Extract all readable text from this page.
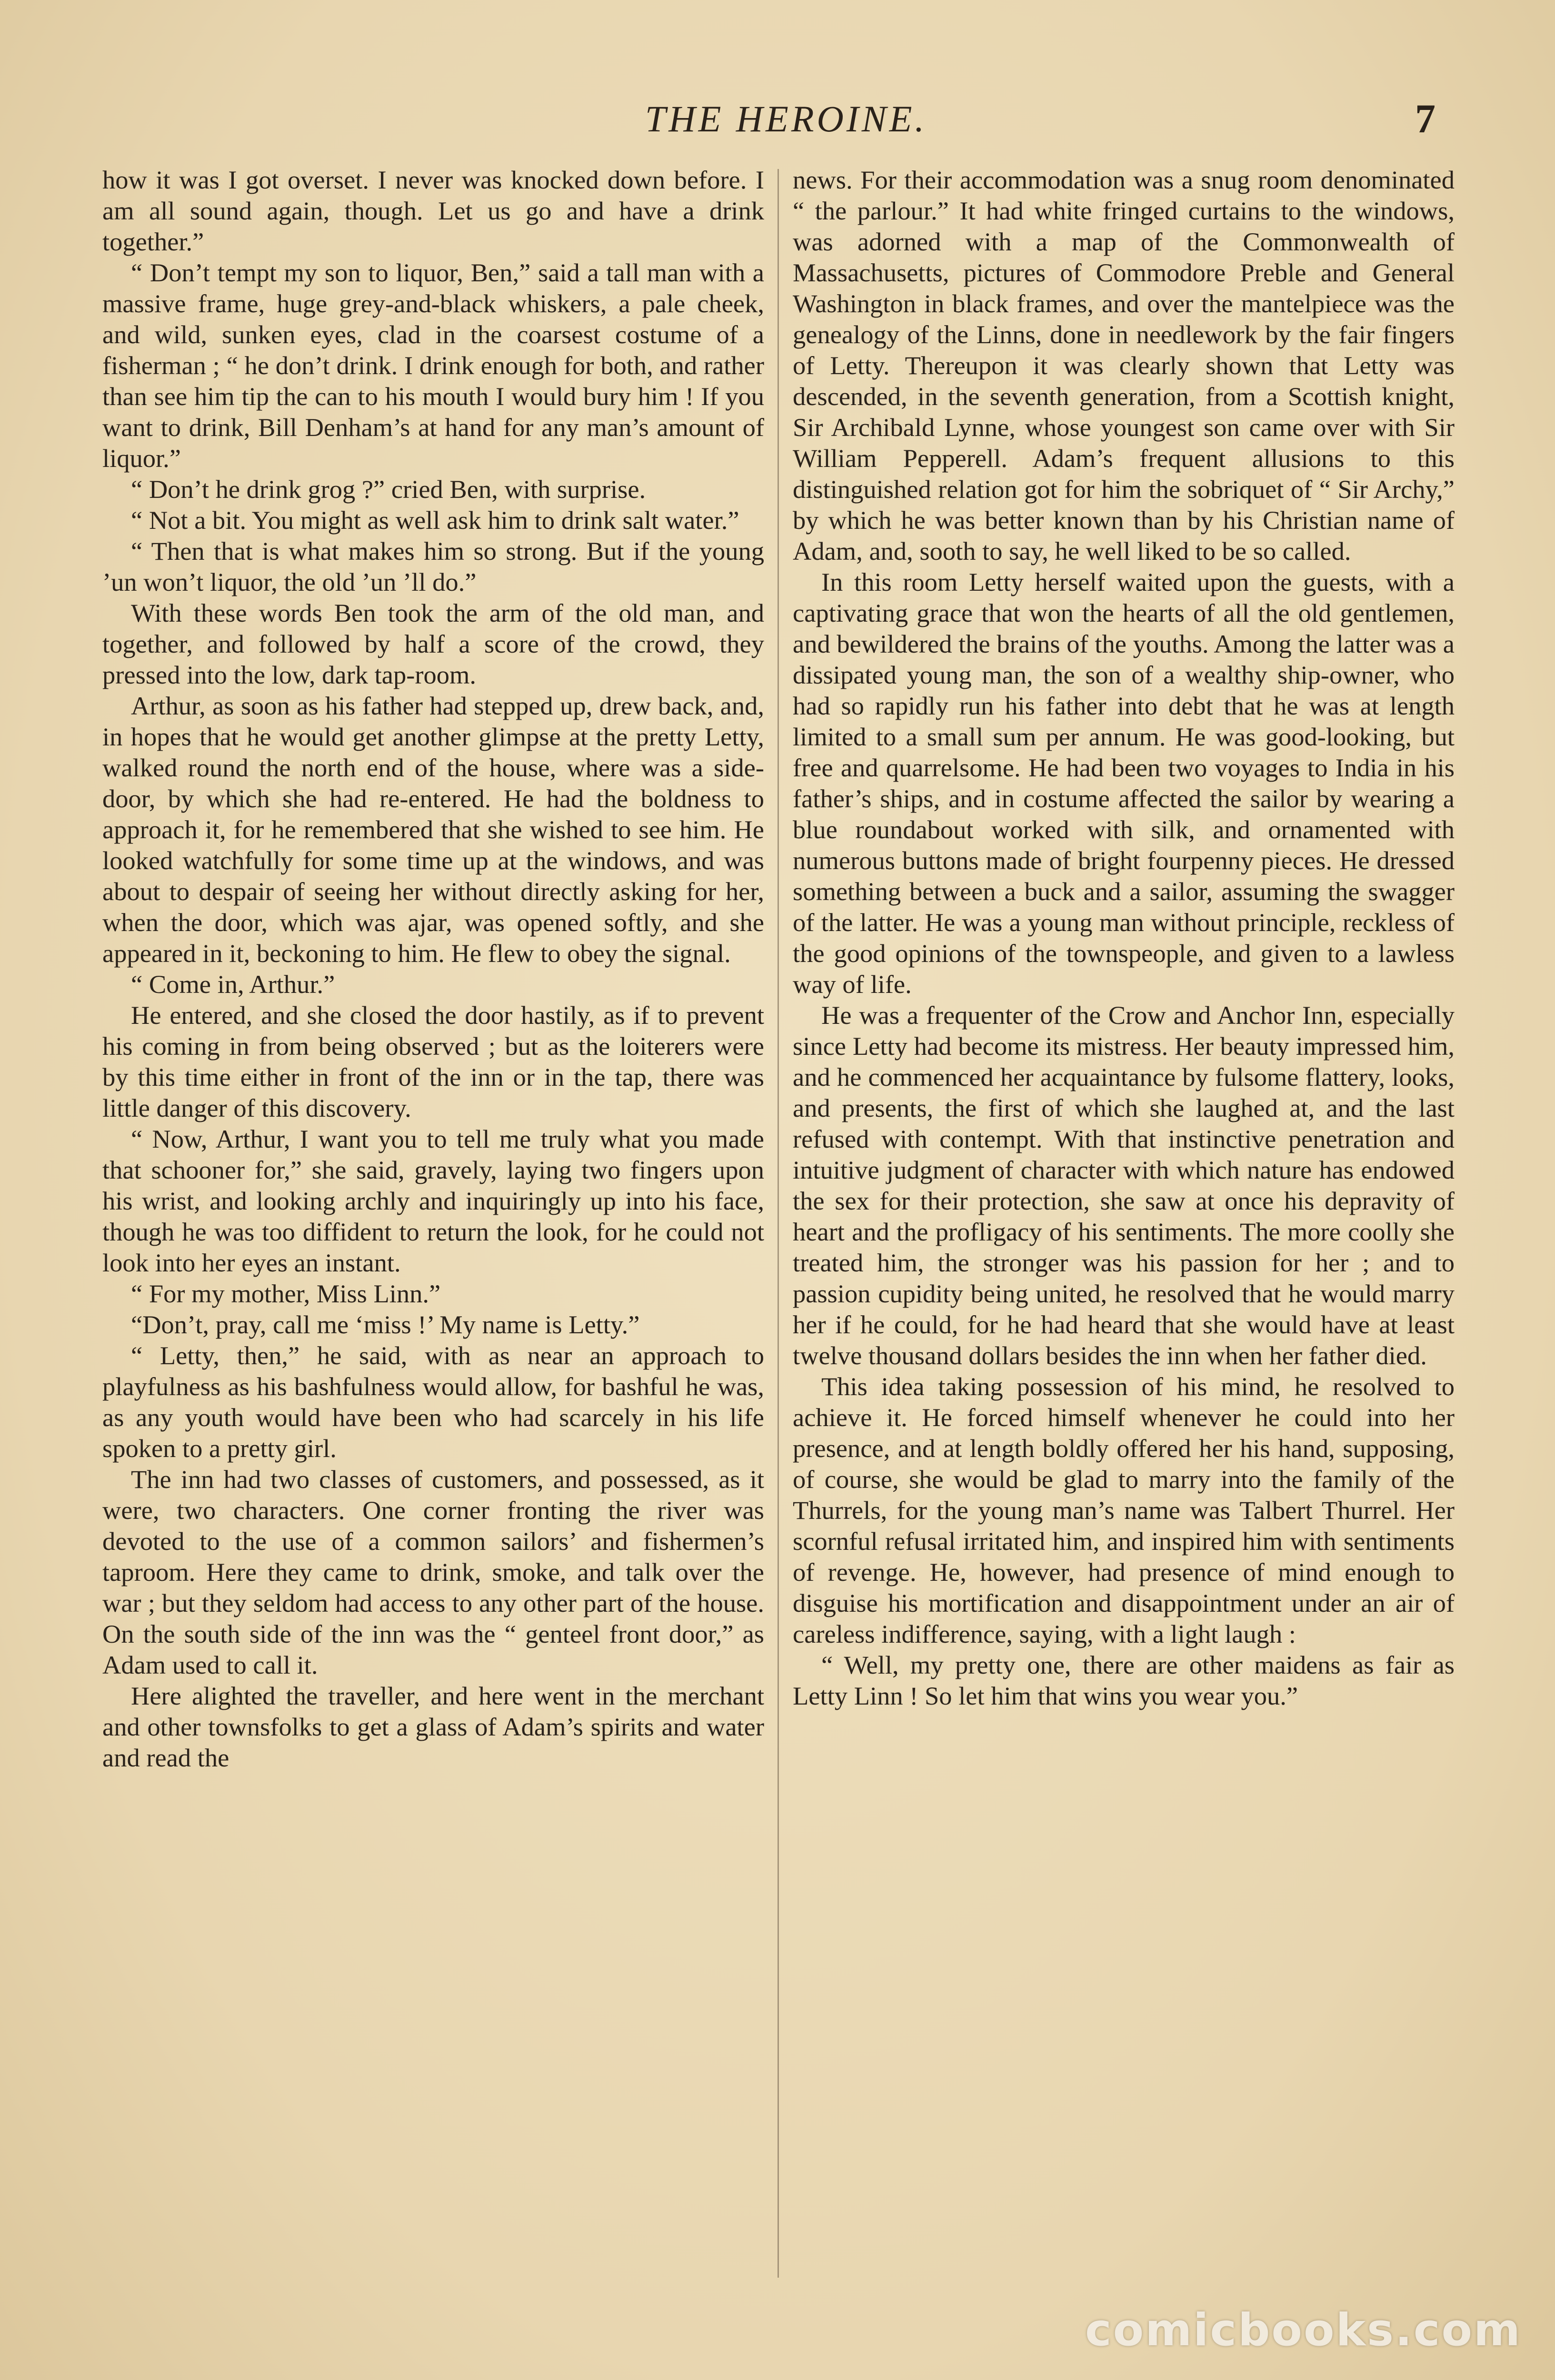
THE HEROINE.	7

how it was I got overset. I never was knocked down before. I am all sound again, though. Let us go and have a drink together.”

“ Don’t tempt my son to liquor, Ben,” said a tall man with a massive frame, huge grey-and-black whiskers, a pale cheek, and wild, sunken eyes, clad in the coarsest costume of a fisherman ; “ he don’t drink. I drink enough for both, and rather than see him tip the can to his mouth I would bury him ! If you want to drink, Bill Denham’s at hand for any man’s amount of liquor.”

“ Don’t he drink grog ?” cried Ben, with surprise.

“ Not a bit. You might as well ask him to drink salt water.”

“ Then that is what makes him so strong. But if the young ’un won’t liquor, the old ’un ’ll do.”

With these words Ben took the arm of the old man, and together, and followed by half a score of the crowd, they pressed into the low, dark tap-room.

Arthur, as soon as his father had stepped up, drew back, and, in hopes that he would get another glimpse at the pretty Letty, walked round the north end of the house, where was a side-door, by which she had re-entered. He had the boldness to approach it, for he remembered that she wished to see him. He looked watchfully for some time up at the windows, and was about to despair of seeing her without directly asking for her, when the door, which was ajar, was opened softly, and she appeared in it, beckoning to him. He flew to obey the signal.

“ Come in, Arthur.”

He entered, and she closed the door hastily, as if to prevent his coming in from being observed ; but as the loiterers were by this time either in front of the inn or in the tap, there was little danger of this discovery.

“ Now, Arthur, I want you to tell me truly what you made that schooner for,” she said, gravely, laying two fingers upon his wrist, and looking archly and inquiringly up into his face, though he was too diffident to return the look, for he could not look into her eyes an instant.

“ For my mother, Miss Linn.”

“Don’t, pray, call me ‘miss !’ My name is Letty.”

“ Letty, then,” he said, with as near an approach to playfulness as his bashfulness would allow, for bashful he was, as any youth would have been who had scarcely in his life spoken to a pretty girl.

The inn had two classes of customers, and possessed, as it were, two characters. One corner fronting the river was devoted to the use of a common sailors’ and fishermen’s taproom. Here they came to drink, smoke, and talk over the war ; but they seldom had access to any other part of the house. On the south side of the inn was the “ genteel front door,” as Adam used to call it.

Here alighted the traveller, and here went in the merchant and other townsfolks to get a glass of Adam’s spirits and water and read the

news. For their accommodation was a snug room denominated “ the parlour.” It had white fringed curtains to the windows, was adorned with a map of the Commonwealth of Massachusetts, pictures of Commodore Preble and General Washington in black frames, and over the mantelpiece was the genealogy of the Linns, done in needlework by the fair fingers of Letty. Thereupon it was clearly shown that Letty was descended, in the seventh generation, from a Scottish knight, Sir Archibald Lynne, whose youngest son came over with Sir William Pepperell. Adam’s frequent allusions to this distinguished relation got for him the sobriquet of “ Sir Archy,” by which he was better known than by his Christian name of Adam, and, sooth to say, he well liked to be so called.

In this room Letty herself waited upon the guests, with a captivating grace that won the hearts of all the old gentlemen, and bewildered the brains of the youths. Among the latter was a dissipated young man, the son of a wealthy ship-owner, who had so rapidly run his father into debt that he was at length limited to a small sum per annum. He was good-looking, but free and quarrelsome. He had been two voyages to India in his father’s ships, and in costume affected the sailor by wearing a blue roundabout worked with silk, and ornamented with numerous buttons made of bright fourpenny pieces. He dressed something between a buck and a sailor, assuming the swagger of the latter. He was a young man without principle, reckless of the good opinions of the townspeople, and given to a lawless way of life.

He was a frequenter of the Crow and Anchor Inn, especially since Letty had become its mistress. Her beauty impressed him, and he commenced her acquaintance by fulsome flattery, looks, and presents, the first of which she laughed at, and the last refused with contempt. With that instinctive penetration and intuitive judgment of character with which nature has endowed the sex for their protection, she saw at once his depravity of heart and the profligacy of his sentiments. The more coolly she treated him, the stronger was his passion for her ; and to passion cupidity being united, he resolved that he would marry her if he could, for he had heard that she would have at least twelve thousand dollars besides the inn when her father died.

This idea taking possession of his mind, he resolved to achieve it. He forced himself whenever he could into her presence, and at length boldly offered her his hand, supposing, of course, she would be glad to marry into the family of the Thurrels, for the young man’s name was Talbert Thurrel. Her scornful refusal irritated him, and inspired him with sentiments of revenge. He, however, had presence of mind enough to disguise his mortification and disappointment under an air of careless indifference, saying, with a light laugh :

“ Well, my pretty one, there are other maidens as fair as Letty Linn ! So let him that wins you wear you.”

comicbooks.com
